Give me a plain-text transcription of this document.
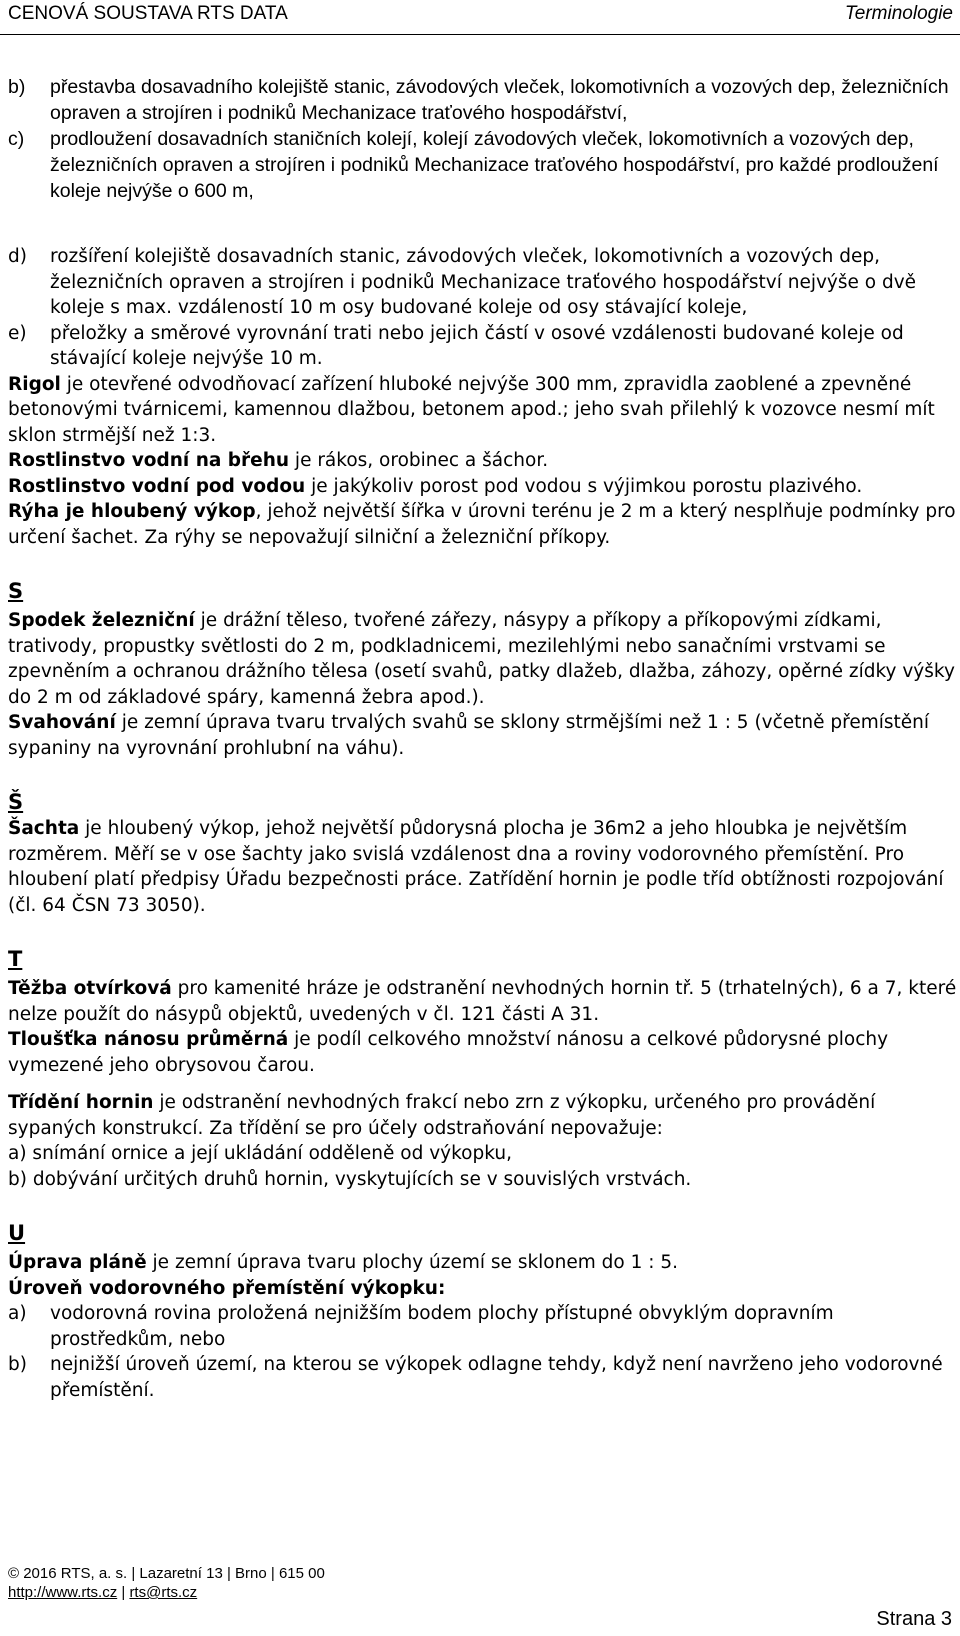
CENOVÁ SOUSTAVA RTS DATA	Terminologie
b)	přestavba dosavadního kolejiště stanic, závodových vleček, lokomotivních a vozových dep, železničních opraven a strojíren i podniků Mechanizace traťového hospodářství,
c)	prodloužení dosavadních staničních kolejí, kolejí závodových vleček, lokomotivních a vozových dep, železničních opraven a strojíren i podniků Mechanizace traťového hospodářství, pro každé prodloužení koleje nejvýše o 600 m,
d)	rozšíření kolejiště dosavadních stanic, závodových vleček, lokomotivních a vozových dep, železničních opraven a strojíren i podniků Mechanizace traťového hospodářství nejvýše o dvě koleje s max. vzdáleností 10 m osy budované koleje od osy stávající koleje,
e)	přeložky a směrové vyrovnání trati nebo jejich částí v osové vzdálenosti budované koleje od stávající koleje nejvýše 10 m.

Rigol je otevřené odvodňovací zařízení hluboké nejvýše 300 mm, zpravidla zaoblené a zpevněné betonovými tvárnicemi, kamennou dlažbou, betonem apod.; jeho svah přilehlý k vozovce nesmí mít sklon strmější než 1:3.

Rostlinstvo vodní na břehu je rákos, orobinec a šáchor.

Rostlinstvo vodní pod vodou je jakýkoliv porost pod vodou s výjimkou porostu plazivého.

Rýha je hloubený výkop, jehož největší šířka v úrovni terénu je 2 m a který nesplňuje podmínky pro určení šachet. Za rýhy se nepovažují silniční a železniční příkopy.

S

Spodek železniční je drážní těleso, tvořené zářezy, násypy a příkopy a příkopovými zídkami, trativody, propustky světlosti do 2 m, podkladnicemi, mezilehlými nebo sanačními vrstvami se zpevněním a ochranou drážního tělesa (osetí svahů, patky dlažeb, dlažba, záhozy, opěrné zídky výšky do 2 m od základové spáry, kamenná žebra apod.).

Svahování je zemní úprava tvaru trvalých svahů se sklony strmějšími než 1 : 5 (včetně přemístění sypaniny na vyrovnání prohlubní na váhu).

Š

Šachta je hloubený výkop, jehož největší půdorysná plocha je 36m2 a jeho hloubka je největším rozměrem. Měří se v ose šachty jako svislá vzdálenost dna a roviny vodorovného přemístění. Pro hloubení platí předpisy Úřadu bezpečnosti práce. Zatřídění hornin je podle tříd obtížnosti rozpojování (čl. 64 ČSN 73 3050).

T

Těžba otvírková pro kamenité hráze je odstranění nevhodných hornin tř. 5 (trhatelných), 6 a 7, které nelze použít do násypů objektů, uvedených v čl. 121 části A 31.

Tloušťka nánosu průměrná je podíl celkového množství nánosu a celkové půdorysné plochy vymezené jeho obrysovou čarou.

Třídění hornin je odstranění nevhodných frakcí nebo zrn z výkopku, určeného pro provádění sypaných konstrukcí. Za třídění se pro účely odstraňování nepovažuje:

a) snímání ornice a její ukládání odděleně od výkopku,

b) dobývání určitých druhů hornin, vyskytujících se v souvislých vrstvách.

U

Úprava pláně je zemní úprava tvaru plochy území se sklonem do 1 : 5.

Úroveň vodorovného přemístění výkopku:

a)	vodorovná rovina proložená nejnižším bodem plochy přístupné obvyklým dopravním prostředkům, nebo
b)	nejnižší úroveň území, na kterou se výkopek odlagne tehdy, když není navrženo jeho vodorovné přemístění.
© 2016 RTS, a. s. | Lazaretní 13 | Brno | 615 00
http://www.rts.cz | rts@rts.cz
Strana 3
